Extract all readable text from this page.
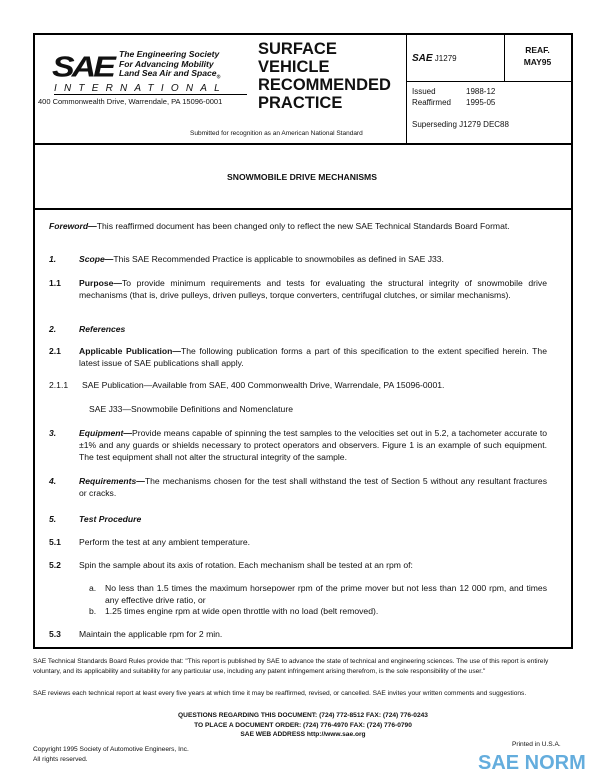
SAE The Engineering Society
For Advancing Mobility
Land Sea Air and Space$_®$
INTERNATIONAL
400 Commonwealth Drive, Warrendale, PA 15096-0001
SURFACE
VEHICLE
RECOMMENDED
PRACTICE
SAE J1279
REAF.
MAY95
Issued	1988-12
Reaffirmed 1995-05
Superseding J1279 DEC88
Submitted for recognition as an American National Standard
SNOWMOBILE DRIVE MECHANISMS
Foreword—This reaffirmed document has been changed only to reflect the new SAE Technical Standards Board Format.
1.	Scope—This SAE Recommended Practice is applicable to snowmobiles as defined in SAE J33.
1.1 Purpose—To provide minimum requirements and tests for evaluating the structural integrity of snowmobile drive mechanisms (that is, drive pulleys, driven pulleys, torque converters, centrifugal clutches, or similar mechanisms).
2.	References
2.1 Applicable Publication—The following publication forms a part of this specification to the extent specified herein. The latest issue of SAE publications shall apply.
2.1.1 SAE Publication—Available from SAE, 400 Commonwealth Drive, Warrendale, PA 15096-0001.
SAE J33—Snowmobile Definitions and Nomenclature
3.	Equipment—Provide means capable of spinning the test samples to the velocities set out in 5.2, a tachometer accurate to ±1% and any guards or shields necessary to protect operators and observers. Figure 1 is an example of such equipment. The test equipment shall not alter the structural integrity of the sample.
4.	Requirements—The mechanisms chosen for the test shall withstand the test of Section 5 without any resultant fractures or cracks.
5.	Test Procedure
5.1 Perform the test at any ambient temperature.
5.2 Spin the sample about its axis of rotation. Each mechanism shall be tested at an rpm of:
a. No less than 1.5 times the maximum horsepower rpm of the prime mover but not less than 12 000 rpm, and times any effective drive ratio, or
b. 1.25 times engine rpm at wide open throttle with no load (belt removed).
5.3 Maintain the applicable rpm for 2 min.
SAE Technical Standards Board Rules provide that: "This report is published by SAE to advance the state of technical and engineering sciences. The use of this report is entirely voluntary, and its applicability and suitability for any particular use, including any patent infringement arising therefrom, is the sole responsibility of the user."
SAE reviews each technical report at least every five years at which time it may be reaffirmed, revised, or cancelled. SAE invites your written comments and suggestions.
QUESTIONS REGARDING THIS DOCUMENT: (724) 772-8512 FAX: (724) 776-0243
TO PLACE A DOCUMENT ORDER: (724) 776-4970 FAX: (724) 776-0790
SAE WEB ADDRESS http://www.sae.org
Copyright 1995 Society of Automotive Engineers, Inc.
All rights reserved.
Printed in U.S.A.
SAE NORM
